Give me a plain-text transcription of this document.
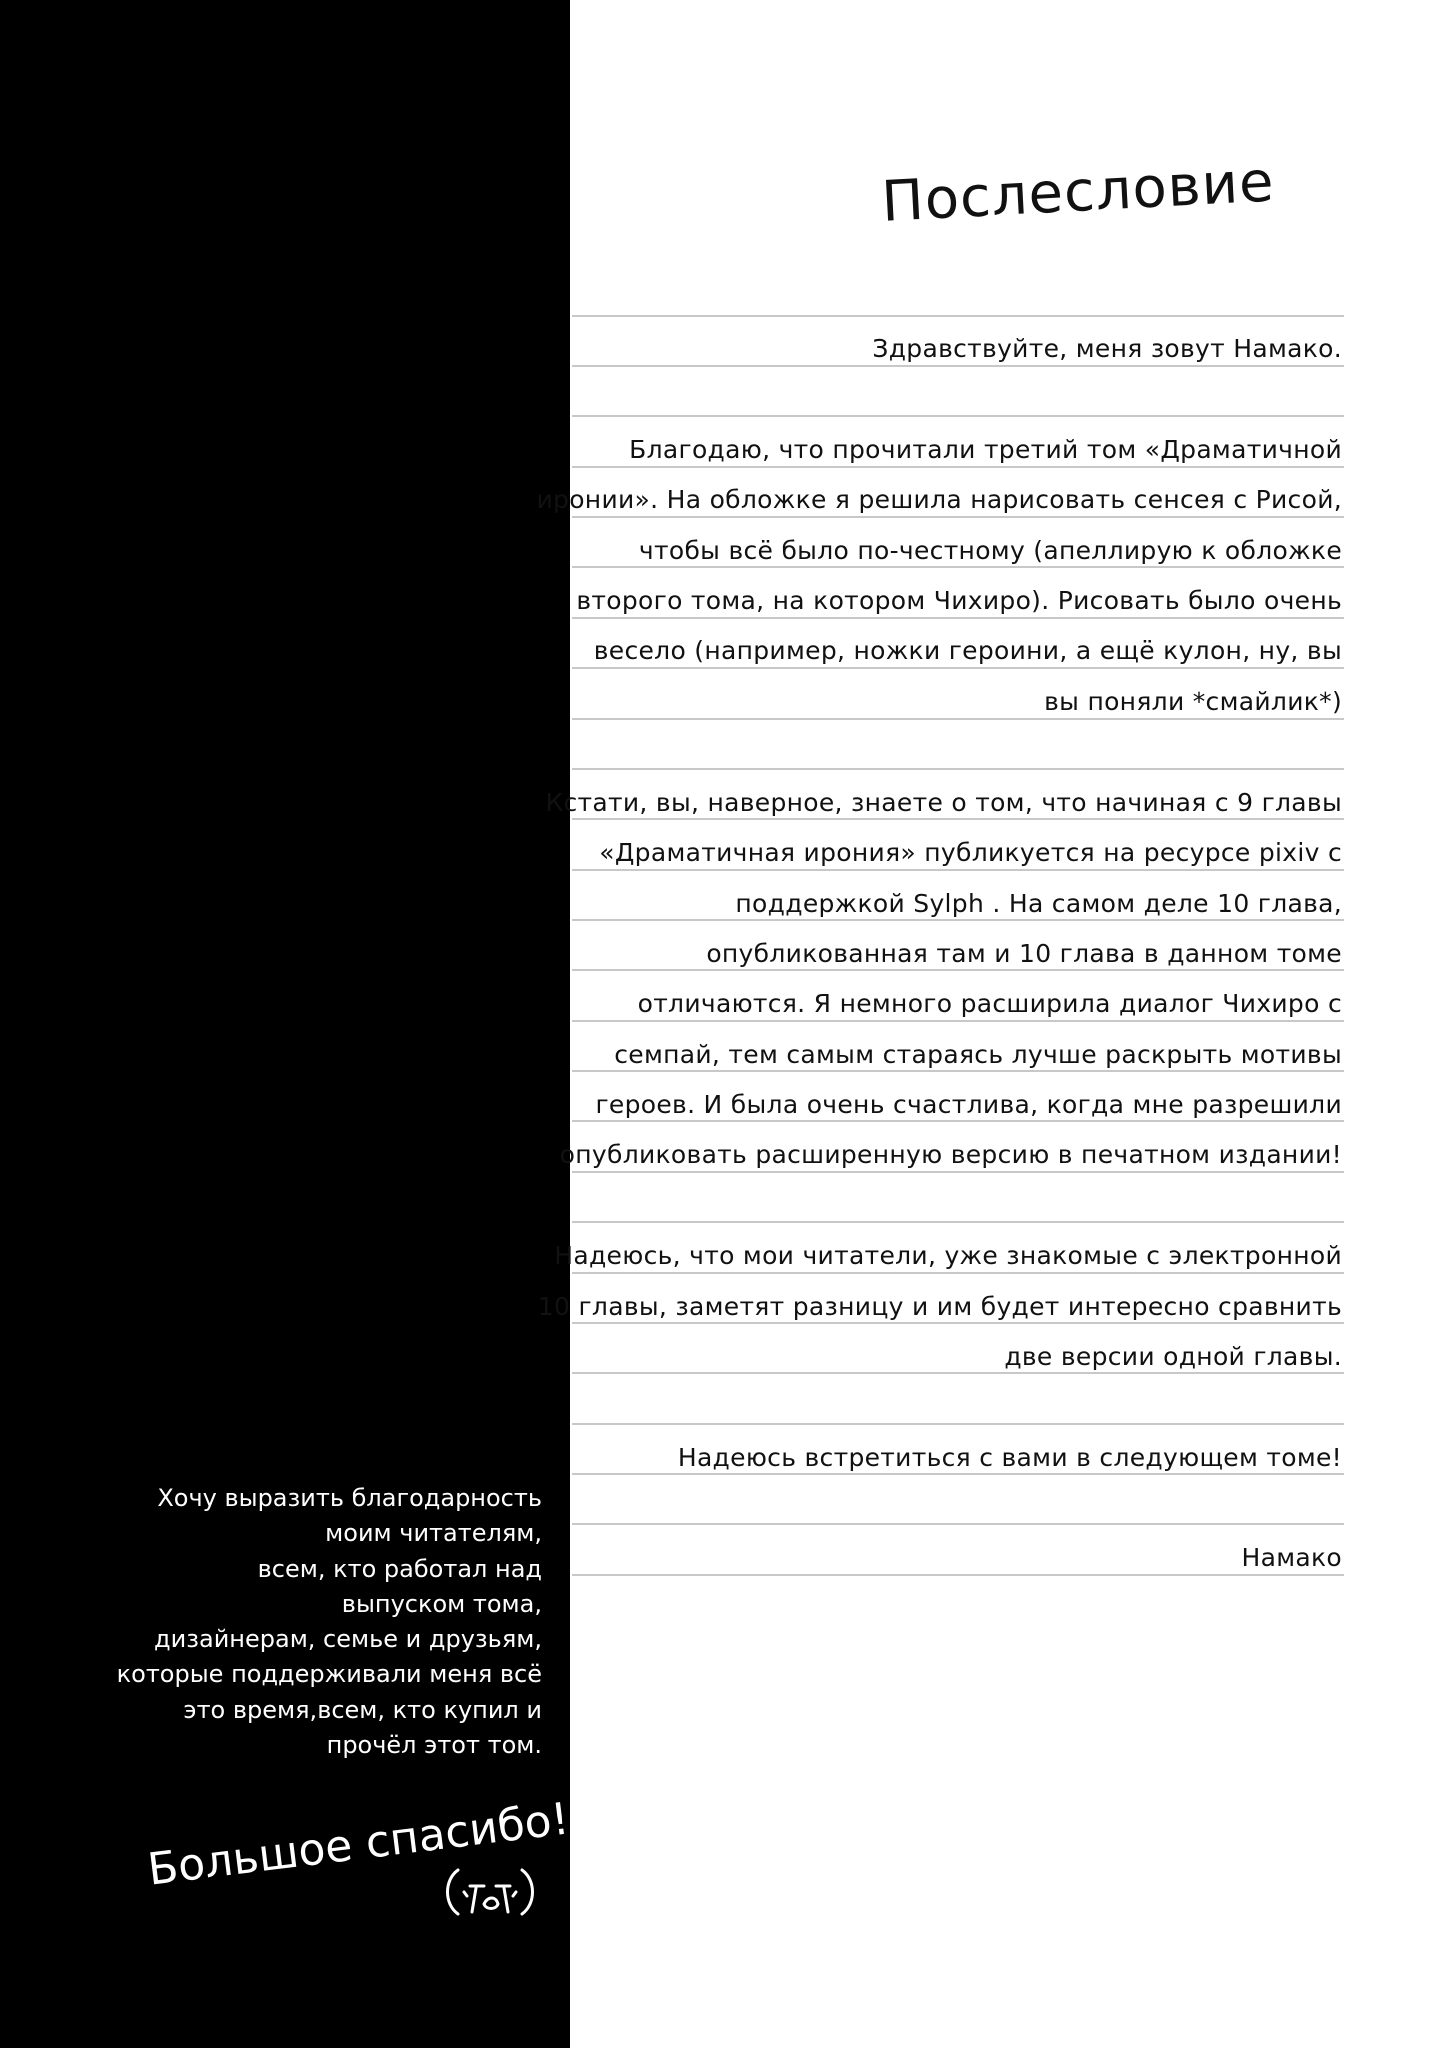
Послесловие
Здравствуйте, меня зовут Намако.
Благодаю, что прочитали третий том «Драматичной
иронии». На обложке я решила нарисовать сенсея с Рисой,
чтобы всё было по-честному (апеллирую к обложке
второго тома, на котором Чихиро). Рисовать было очень
весело (например, ножки героини, а ещё кулон, ну, вы
вы поняли *смайлик*)
Кстати, вы, наверное, знаете о том, что начиная с 9 главы
«Драматичная ирония» публикуется на ресурсе pixiv с
поддержкой Sylph . На самом деле 10 глава,
опубликованная там и 10 глава в данном томе
отличаются. Я немного расширила диалог Чихиро с
семпай, тем самым стараясь лучше раскрыть мотивы
героев. И была очень счастлива, когда мне разрешили
опубликовать расширенную версию в печатном издании!
Надеюсь, что мои читатели, уже знакомые с электронной
10 главы, заметят разницу и им будет интересно сравнить
две версии одной главы.
Надеюсь встретиться с вами в следующем томе!
Намако
Хочу выразить благодарность
моим читателям,
всем, кто работал над
выпуском тома,
дизайнерам, семье и друзьям,
которые поддерживали меня всё
это время,всем, кто купил и
прочёл этот том.
Большое спасибо!
